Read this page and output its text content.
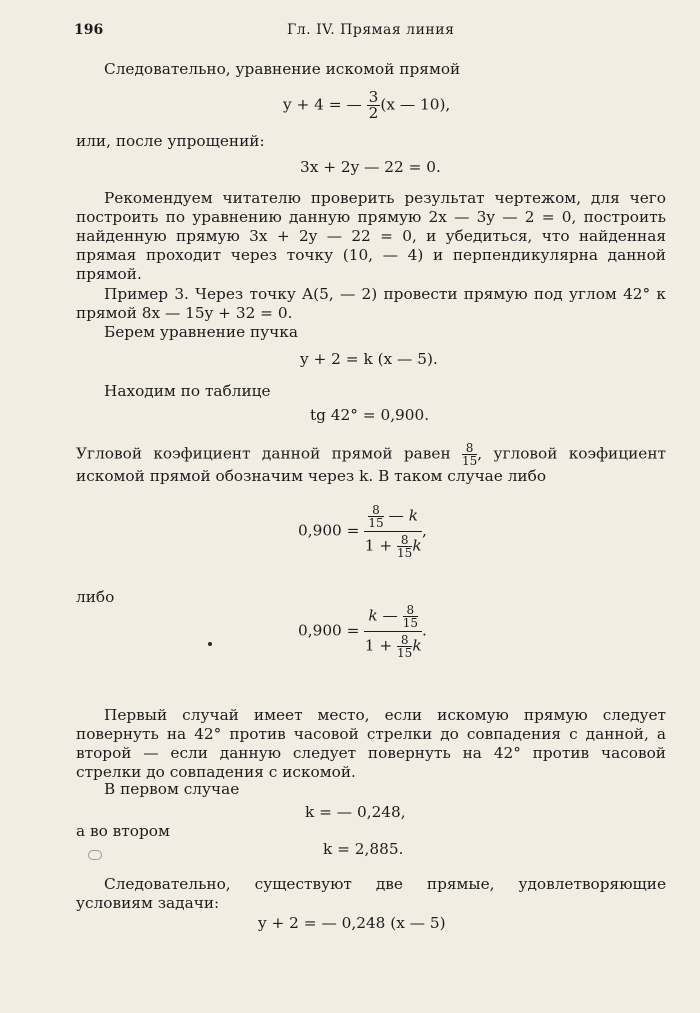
196	Гл. IV. Прямая линия
Следовательно, уравнение искомой прямой
y + 4 = — $\frac{3}{2} (x$ — 10),
или, после упрощений:
3x + 2y — 22 = 0.
Рекомендуем читателю проверить результат чертежом, для чего построить по уравнению данную прямую 2x — 3y — 2 = 0, построить найденную прямую 3x + 2y — 22 = 0, и убедиться, что найденная прямая проходит через точку (10, — 4) и перпендикулярна данной прямой.
Пример 3. Через точку A(5, — 2) провести прямую под углом 42° к прямой 8x — 15y + 32 = 0.
Берем уравнение пучка
y + 2 = k (x — 5).
Находим по таблице
tg 42° = 0,900.
Угловой коэфициент данной прямой равен $\frac{8}{15}$ , угловой коэфициент искомой прямой обозначим через k. В таком случае либо
$0,900 = \frac{\frac{8}{15} — k}{1 + \frac{8}{15} k}$ ,
либо
$0,900 = \frac{k — \frac{8}{15}}{1 + \frac{8}{15} k}$ .
Первый случай имеет место, если искомую прямую следует повернуть на 42° против часовой стрелки до совпадения с данной, а второй — если данную следует повернуть на 42° против часовой стрелки до совпадения с искомой.
В первом случае
k = — 0,248,
а во втором
k = 2,885.
Следовательно, существуют две прямые, удовлетворяющие условиям задачи:
y + 2 = — 0,248 (x — 5)
